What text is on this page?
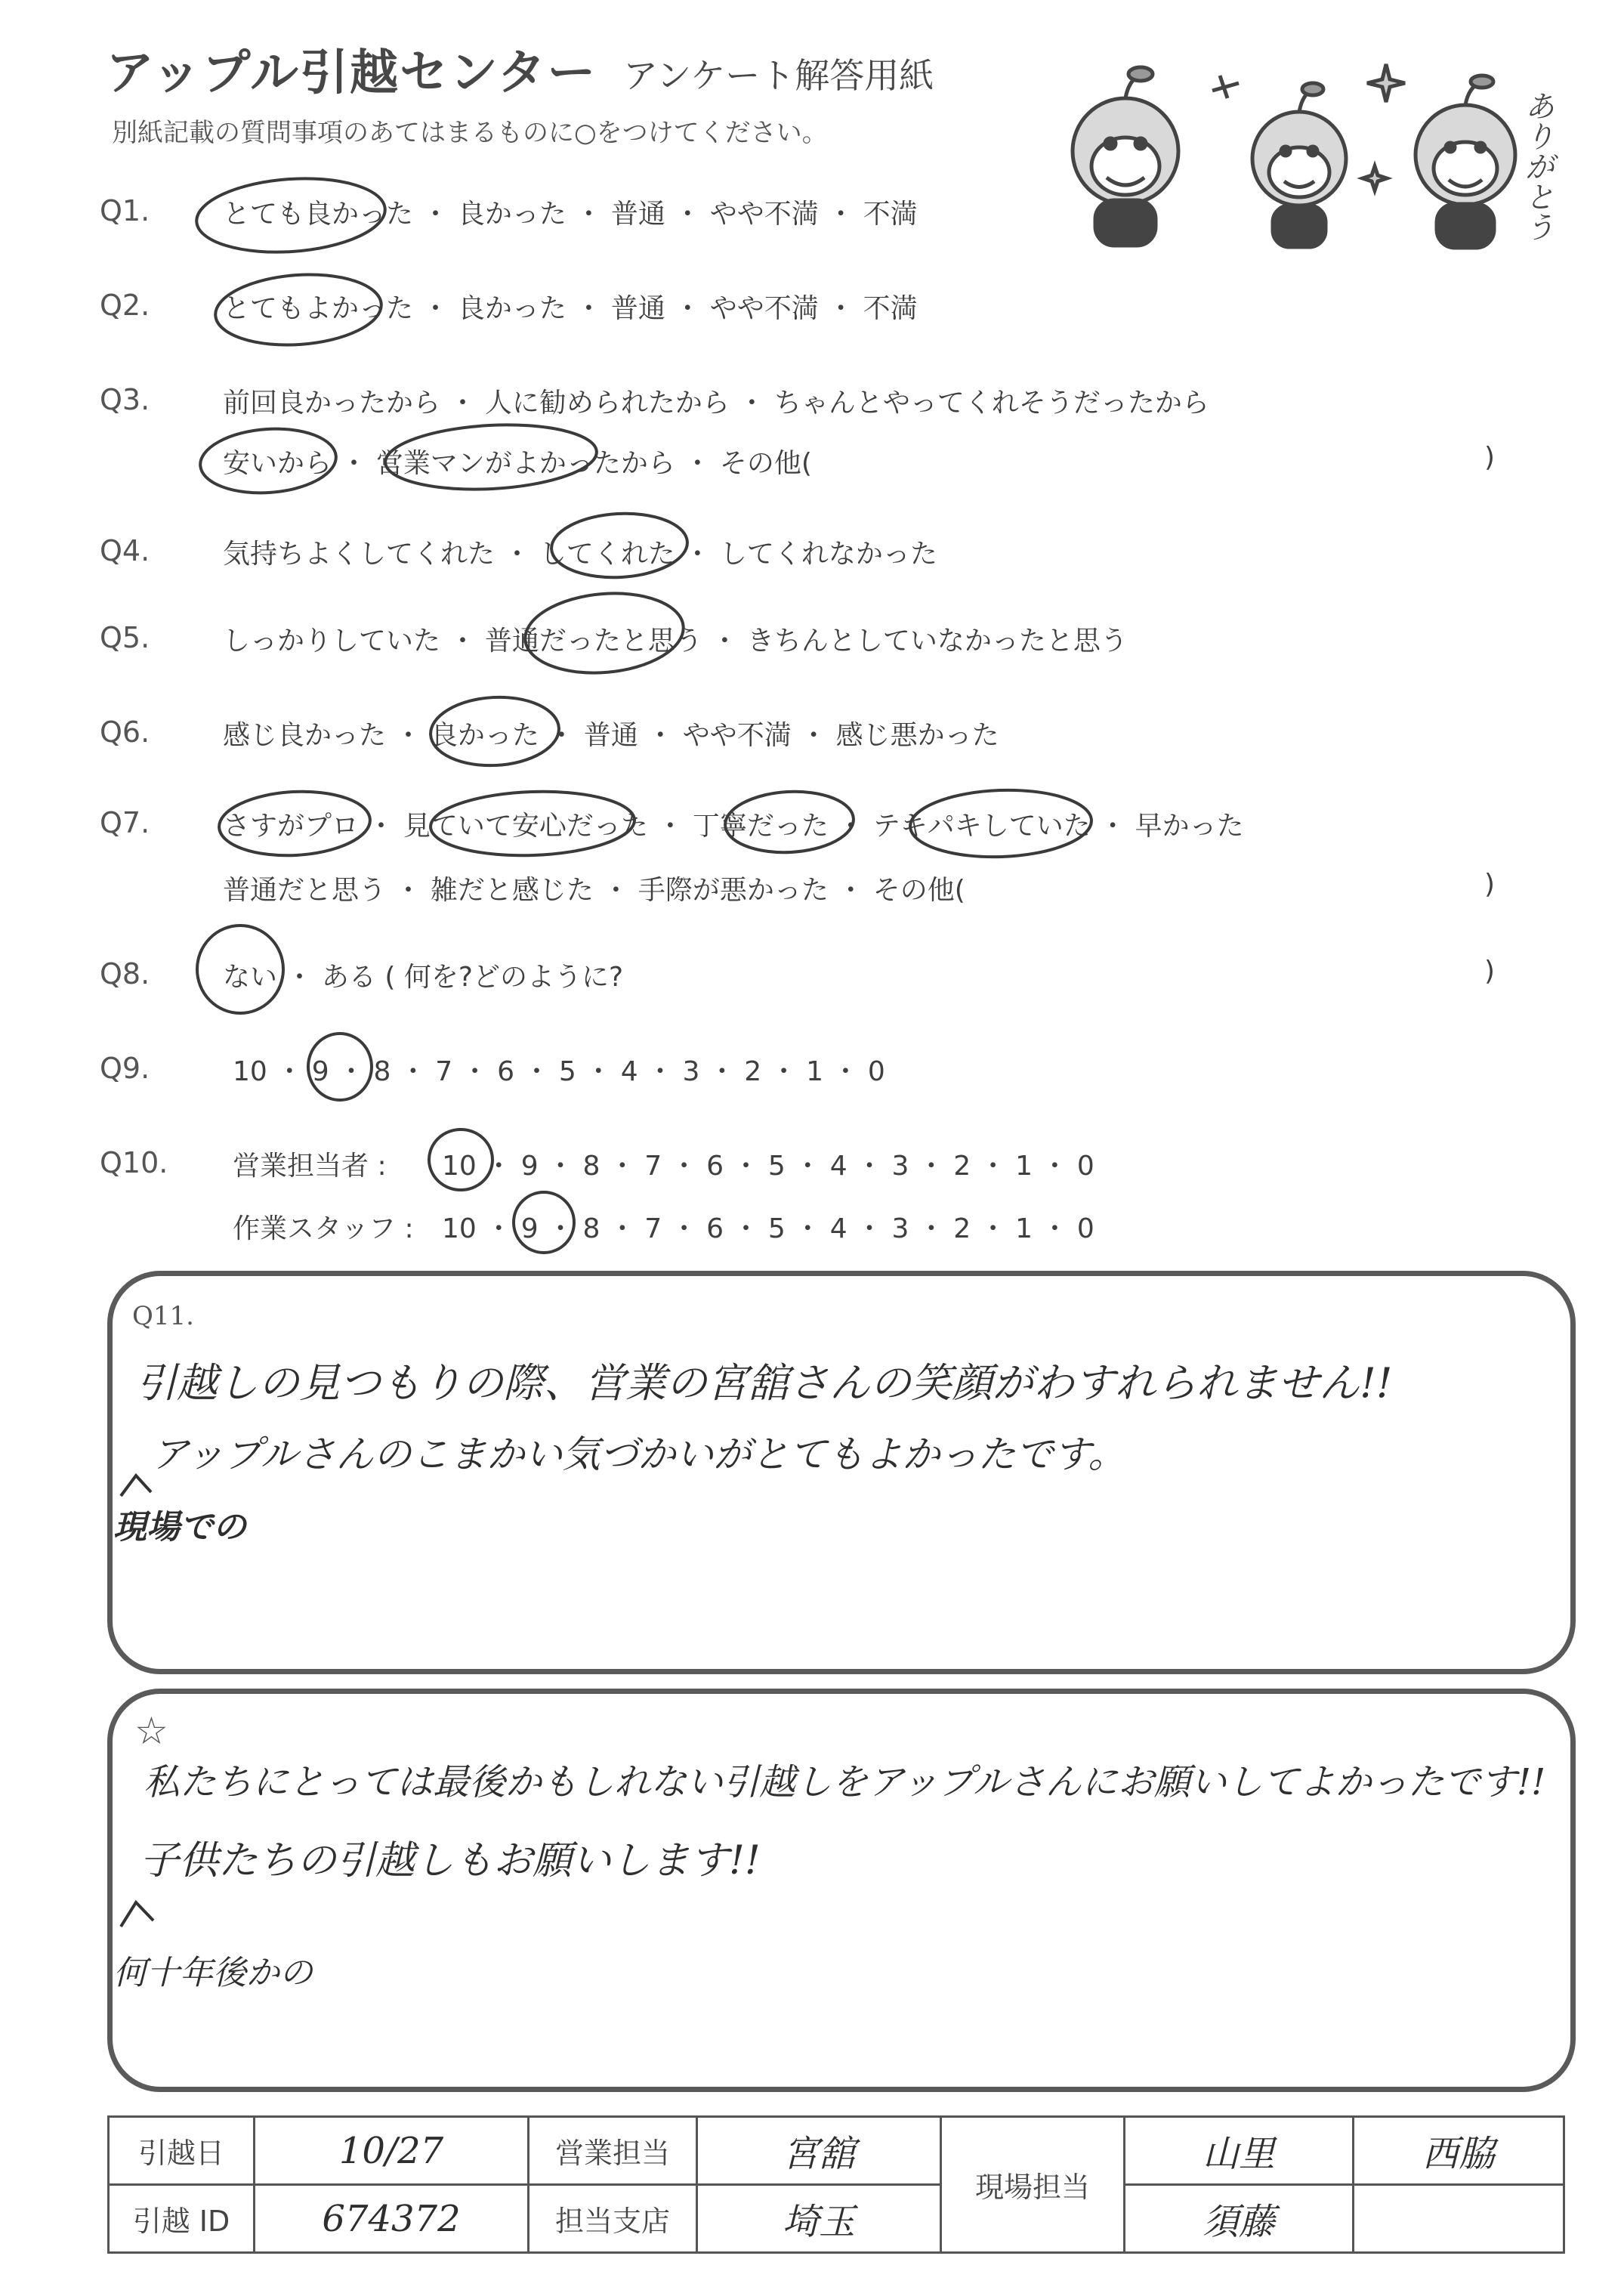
アップル引越センター アンケート解答用紙
別紙記載の質問事項のあてはまるものに○をつけてください。	ありがとう
Q1.	とても良かった ・ 良かった ・ 普通 ・ やや不満 ・ 不満
Q2.	とてもよかった ・ 良かった ・ 普通 ・ やや不満 ・ 不満
Q3.	前回良かったから ・ 人に勧められたから ・ ちゃんとやってくれそうだったから
安いから ・ 営業マンがよかったから ・ その他(	)
Q4.	気持ちよくしてくれた ・ してくれた ・ してくれなかった
Q5.	しっかりしていた ・ 普通だったと思う ・ きちんとしていなかったと思う
Q6.	感じ良かった ・ 良かった ・ 普通 ・ やや不満 ・ 感じ悪かった
Q7.	さすがプロ ・ 見ていて安心だった ・ 丁寧だった ・ テキパキしていた ・ 早かった
普通だと思う ・ 雑だと感じた ・ 手際が悪かった ・ その他(	)
Q8.	ない ・ ある ( 何を?どのように?	)
Q9.	10 ・ 9 ・ 8 ・ 7 ・ 6 ・ 5 ・ 4 ・ 3 ・ 2 ・ 1 ・ 0
Q10. 営業担当者 : 10 ・ 9 ・ 8 ・ 7 ・ 6 ・ 5 ・ 4 ・ 3 ・ 2 ・ 1 ・ 0
作業スタッフ : 10 ・ 9 ・ 8 ・ 7 ・ 6 ・ 5 ・ 4 ・ 3 ・ 2 ・ 1 ・ 0
Q11.
引越しの見つもりの際、営業の宮舘さんの笑顔がわすれられません!!
アップルさんのこまかい気づかいがとてもよかったです。
現場での
☆
私たちにとっては最後かもしれない引越しをアップルさんにお願いしてよかったです!!
子供たちの引越しもお願いします!!
何十年後かの
引越日	10/27	営業担当	宮舘	現場担当	山里	西脇
引越 ID	674372	担当支店	埼玉		須藤	
